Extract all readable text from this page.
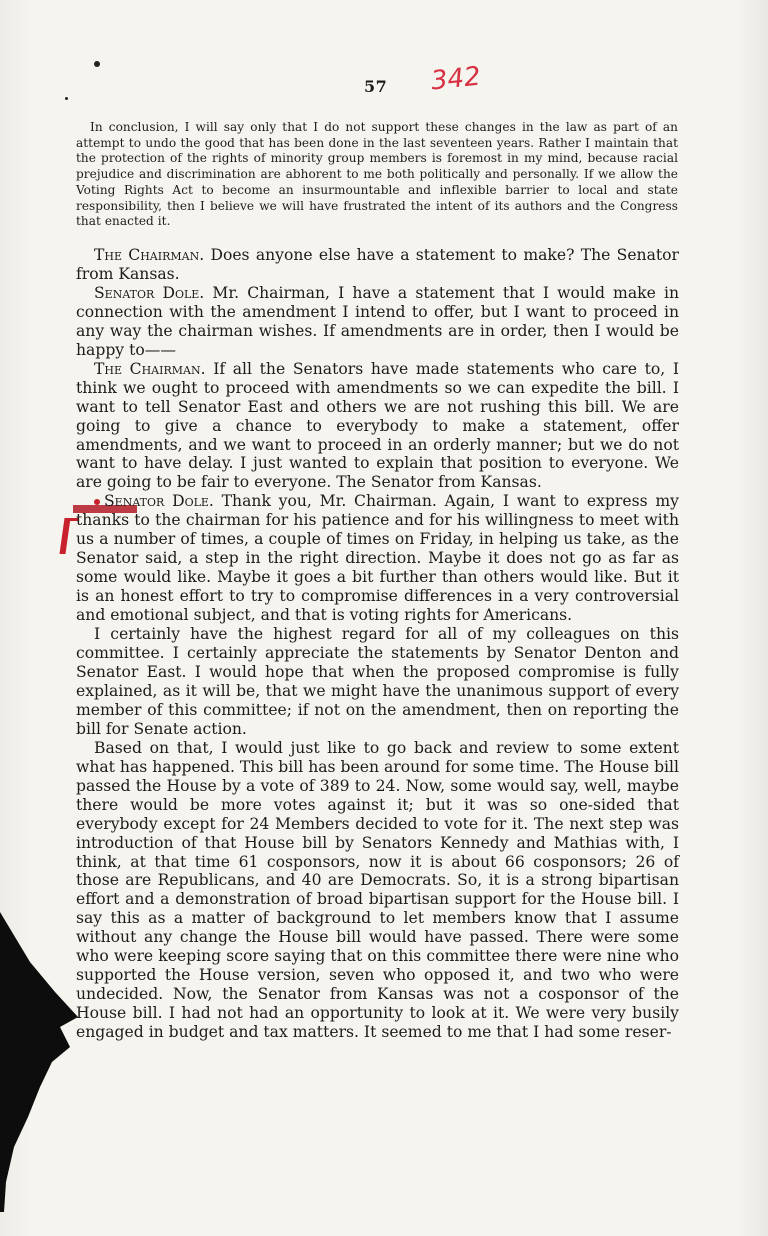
57 342

In conclusion, I will say only that I do not support these changes in the law as part of an attempt to undo the good that has been done in the last seventeen years. Rather I maintain that the protection of the rights of minority group members is foremost in my mind, because racial prejudice and discrimination are abhorent to me both politically and personally. If we allow the Voting Rights Act to become an insurmountable and inflexible barrier to local and state responsibility, then I believe we will have frustrated the intent of its authors and the Congress that enacted it.

The Chairman. Does anyone else have a statement to make? The Senator from Kansas.

Senator Dole. Mr. Chairman, I have a statement that I would make in connection with the amendment I intend to offer, but I want to proceed in any way the chairman wishes. If amendments are in order, then I would be happy to——

The Chairman. If all the Senators have made statements who care to, I think we ought to proceed with amendments so we can expedite the bill. I want to tell Senator East and others we are not rushing this bill. We are going to give a chance to everybody to make a statement, offer amendments, and we want to proceed in an orderly manner; but we do not want to have delay. I just wanted to explain that position to everyone. We are going to be fair to everyone. The Senator from Kansas.

Senator Dole. Thank you, Mr. Chairman. Again, I want to express my thanks to the chairman for his patience and for his willingness to meet with us a number of times, a couple of times on Friday, in helping us take, as the Senator said, a step in the right direction. Maybe it does not go as far as some would like. Maybe it goes a bit further than others would like. But it is an honest effort to try to compromise differences in a very controversial and emotional subject, and that is voting rights for Americans.

I certainly have the highest regard for all of my colleagues on this committee. I certainly appreciate the statements by Senator Denton and Senator East. I would hope that when the proposed compromise is fully explained, as it will be, that we might have the unanimous support of every member of this committee; if not on the amendment, then on reporting the bill for Senate action.

Based on that, I would just like to go back and review to some extent what has happened. This bill has been around for some time. The House bill passed the House by a vote of 389 to 24. Now, some would say, well, maybe there would be more votes against it; but it was so one-sided that everybody except for 24 Members decided to vote for it. The next step was introduction of that House bill by Senators Kennedy and Mathias with, I think, at that time 61 cosponsors, now it is about 66 cosponsors; 26 of those are Republicans, and 40 are Democrats. So, it is a strong bipartisan effort and a demonstration of broad bipartisan support for the House bill. I say this as a matter of background to let members know that I assume without any change the House bill would have passed. There were some who were keeping score saying that on this committee there were nine who supported the House version, seven who opposed it, and two who were undecided. Now, the Senator from Kansas was not a cosponsor of the House bill. I had not had an opportunity to look at it. We were very busily engaged in budget and tax matters. It seemed to me that I had some reser-
